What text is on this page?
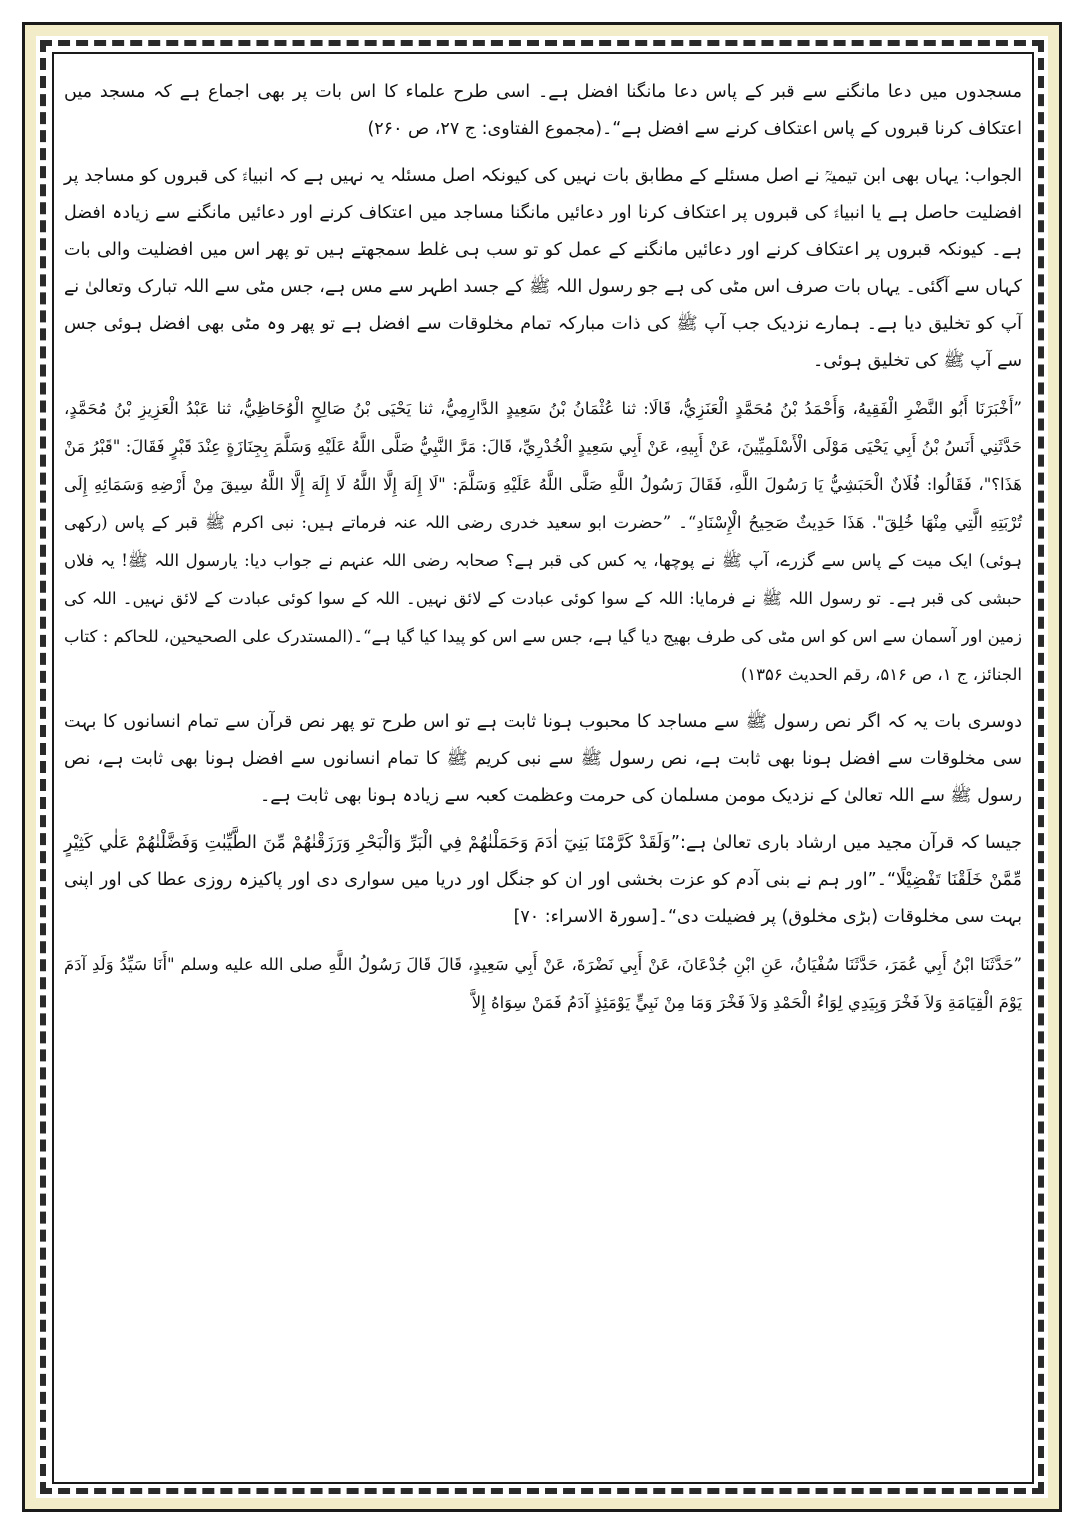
مسجدوں میں دعا مانگنے سے قبر کے پاس دعا مانگنا افضل ہے۔ اسی طرح علماء کا اس بات پر بھی اجماع ہے کہ مسجد میں اعتکاف کرنا قبروں کے پاس اعتکاف کرنے سے افضل ہے“۔(مجموع الفتاوی: ج ۲۷، ص ۲۶۰)

الجواب: یہاں بھی ابن تیمیہؒ نے اصل مسئلے کے مطابق بات نہیں کی کیونکہ اصل مسئلہ یہ نہیں ہے کہ انبیاءؑ کی قبروں کو مساجد پر افضلیت حاصل ہے یا انبیاءؑ کی قبروں پر اعتکاف کرنا اور دعائیں مانگنا مساجد میں اعتکاف کرنے اور دعائیں مانگنے سے زیادہ افضل ہے۔ کیونکہ قبروں پر اعتکاف کرنے اور دعائیں مانگنے کے عمل کو تو سب ہی غلط سمجھتے ہیں تو پھر اس میں افضلیت والی بات کہاں سے آگئی۔ یہاں بات صرف اس مٹی کی ہے جو رسول اللہ ﷺ کے جسد اطہر سے مس ہے، جس مٹی سے اللہ تبارک وتعالیٰ نے آپ کو تخلیق دیا ہے۔ ہمارے نزدیک جب آپ ﷺ کی ذات مبارکہ تمام مخلوقات سے افضل ہے تو پھر وہ مٹی بھی افضل ہوئی جس سے آپ ﷺ کی تخلیق ہوئی۔

”أَخْبَرَنَا أَبُو النَّضْرِ الْفَقِيهُ، وَأَحْمَدُ بْنُ مُحَمَّدٍ الْعَنَزِيُّ، قَالَا: ثنا عُثْمَانُ بْنُ سَعِيدٍ الدَّارِمِيُّ، ثنا يَحْيَى بْنُ صَالِحٍ الْوُحَاظِيُّ، ثنا عَبْدُ الْعَزِيزِ بْنُ مُحَمَّدٍ، حَدَّثَنِي أَنَسُ بْنُ أَبِي يَحْيَى مَوْلَى الْأَسْلَمِيِّينَ، عَنْ أَبِيهِ، عَنْ أَبِي سَعِيدٍ الْخُدْرِيِّ، قَالَ: مَرَّ النَّبِيُّ صَلَّى اللَّهُ عَلَيْهِ وَسَلَّمَ بِجِنَازَةٍ عِنْدَ قَبْرٍ فَقَالَ: "قَبْرُ مَنْ هَذَا؟"، فَقَالُوا: فُلَانٌ الْحَبَشِيُّ يَا رَسُولَ اللَّهِ، فَقَالَ رَسُولُ اللَّهِ صَلَّى اللَّهُ عَلَيْهِ وَسَلَّمَ: "لَا إِلَهَ إِلَّا اللَّهُ لَا إِلَهَ إِلَّا اللَّهُ سِيقَ مِنْ أَرْضِهِ وَسَمَائِهِ إِلَى تُرْبَتِهِ الَّتِي مِنْهَا خُلِقَ". هَذَا حَدِيثٌ صَحِيحُ الْإِسْنَادِ“۔ ”حضرت ابو سعید خدری رضی اللہ عنہ فرماتے ہیں: نبی اکرم ﷺ قبر کے پاس (رکھی ہوئی) ایک میت کے پاس سے گزرے، آپ ﷺ نے پوچھا، یہ کس کی قبر ہے؟ صحابہ رضی اللہ عنہم نے جواب دیا: یارسول اللہ ﷺ! یہ فلاں حبشی کی قبر ہے۔ تو رسول اللہ ﷺ نے فرمایا: اللہ کے سوا کوئی عبادت کے لائق نہیں۔ اللہ کے سوا کوئی عبادت کے لائق نہیں۔ اللہ کی زمین اور آسمان سے اس کو اس مٹی کی طرف بھیج دیا گیا ہے، جس سے اس کو پیدا کیا گیا ہے“۔(المستدرک علی الصحیحین، للحاکم : کتاب الجنائز، ج ۱، ص ۵۱۶، رقم الحدیث ۱۳۵۶)

دوسری بات یہ کہ اگر نص رسول ﷺ سے مساجد کا محبوب ہونا ثابت ہے تو اس طرح تو پھر نص قرآن سے تمام انسانوں کا بہت سی مخلوقات سے افضل ہونا بھی ثابت ہے، نص رسول ﷺ سے نبی کریم ﷺ کا تمام انسانوں سے افضل ہونا بھی ثابت ہے، نص رسول ﷺ سے اللہ تعالیٰ کے نزدیک مومن مسلمان کی حرمت وعظمت کعبہ سے زیادہ ہونا بھی ثابت ہے۔

جیسا کہ قرآن مجید میں ارشاد باری تعالیٰ ہے:”وَلَقَدْ كَرَّمْنَا بَنِيٓ اٰدَمَ وَحَمَلْنٰهُمْ فِي الْبَرِّ وَالْبَحْرِ وَرَزَقْنٰهُمْ مِّنَ الطَّيِّبٰتِ وَفَضَّلْنٰهُمْ عَلٰي كَثِيْرٍ مِّمَّنْ خَلَقْنَا تَفْضِيْلًا“۔”اور ہم نے بنی آدم کو عزت بخشی اور ان کو جنگل اور دریا میں سواری دی اور پاکیزہ روزی عطا کی اور اپنی بہت سی مخلوقات (بڑی مخلوق) پر فضیلت دی“۔[سورۃ الاسراء: ۷۰]

”حَدَّثَنَا ابْنُ أَبِي عُمَرَ، حَدَّثَنَا سُفْيَانُ، عَنِ ابْنِ جُدْعَانَ، عَنْ أَبِي نَضْرَةَ، عَنْ أَبِي سَعِيدٍ، قَالَ قَالَ رَسُولُ اللَّهِ صلى الله عليه وسلم "أَنَا سَيِّدُ وَلَدِ آدَمَ يَوْمَ الْقِيَامَةِ وَلاَ فَخْرَ وَبِيَدِي لِوَاءُ الْحَمْدِ وَلاَ فَخْرَ وَمَا مِنْ نَبِيٍّ يَوْمَئِذٍ آدَمُ فَمَنْ سِوَاهُ إِلاَّ
